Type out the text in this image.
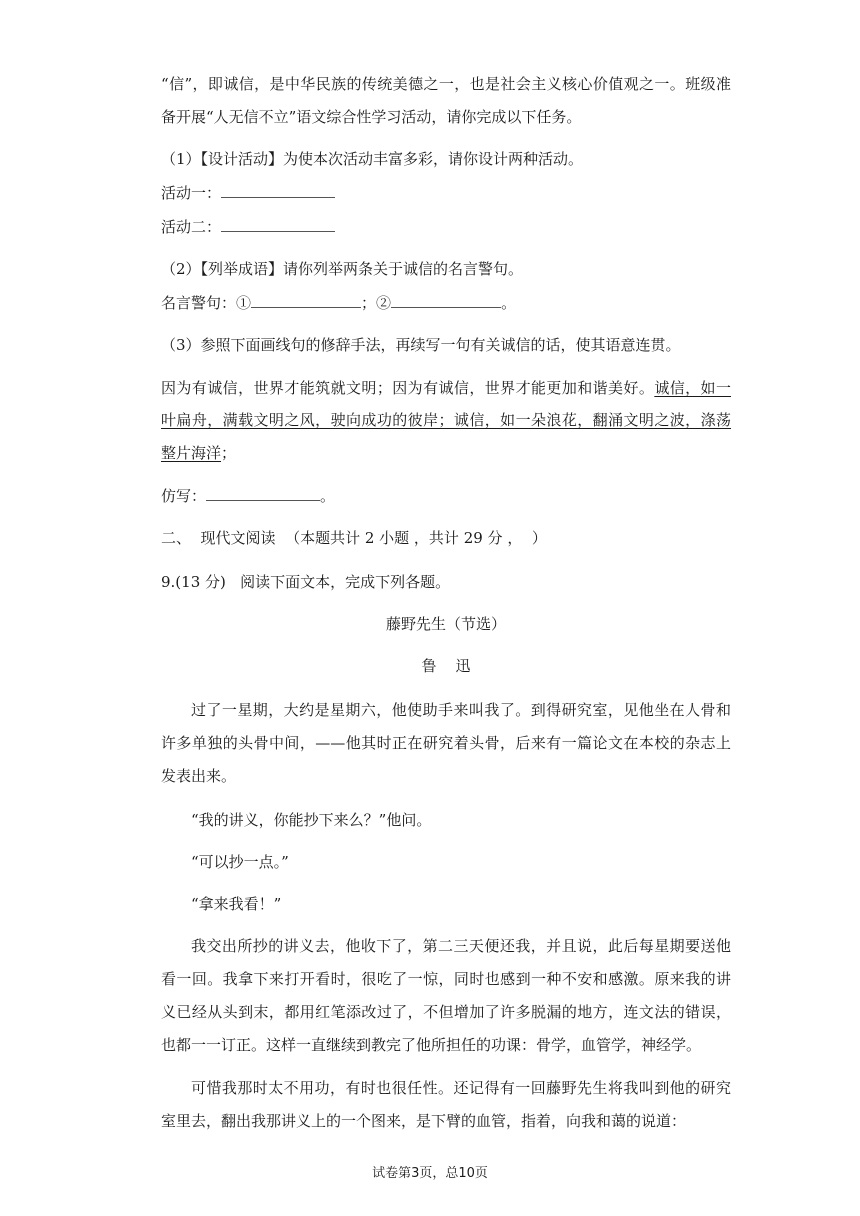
“信”，即诚信，是中华民族的传统美德之一，也是社会主义核心价值观之一。班级准
备开展“人无信不立”语文综合性学习活动，请你完成以下任务。
（1）【设计活动】为使本次活动丰富多彩，请你设计两种活动。
活动一：
活动二：
（2）【列举成语】请你列举两条关于诚信的名言警句。
名言警句：①	；②	。
（3）参照下面画线句的修辞手法，再续写一句有关诚信的话，使其语意连贯。
因为有诚信，世界才能筑就文明；因为有诚信，世界才能更加和谐美好。诚信，如一
叶扁舟，满载文明之风，驶向成功的彼岸；诚信，如一朵浪花，翻涌文明之波，涤荡
整片海洋；
仿写：	。
二、  现代文阅读  （本题共计 2 小题 ，共计 29 分 ，  ）
9.(13 分)   阅读下面文本，完成下列各题。
藤野先生（节选）
鲁    迅
过了一星期，大约是星期六，他使助手来叫我了。到得研究室，见他坐在人骨和
许多单独的头骨中间，——他其时正在研究着头骨，后来有一篇论文在本校的杂志上
发表出来。
“我的讲义，你能抄下来么？”他问。
“可以抄一点。”
“拿来我看！”
我交出所抄的讲义去，他收下了，第二三天便还我，并且说，此后每星期要送他
看一回。我拿下来打开看时，很吃了一惊，同时也感到一种不安和感激。原来我的讲
义已经从头到末，都用红笔添改过了，不但增加了许多脱漏的地方，连文法的错误，
也都一一订正。这样一直继续到教完了他所担任的功课：骨学，血管学，神经学。
可惜我那时太不用功，有时也很任性。还记得有一回藤野先生将我叫到他的研究
室里去，翻出我那讲义上的一个图来，是下臂的血管，指着，向我和蔼的说道：
试卷第3页，总10页
